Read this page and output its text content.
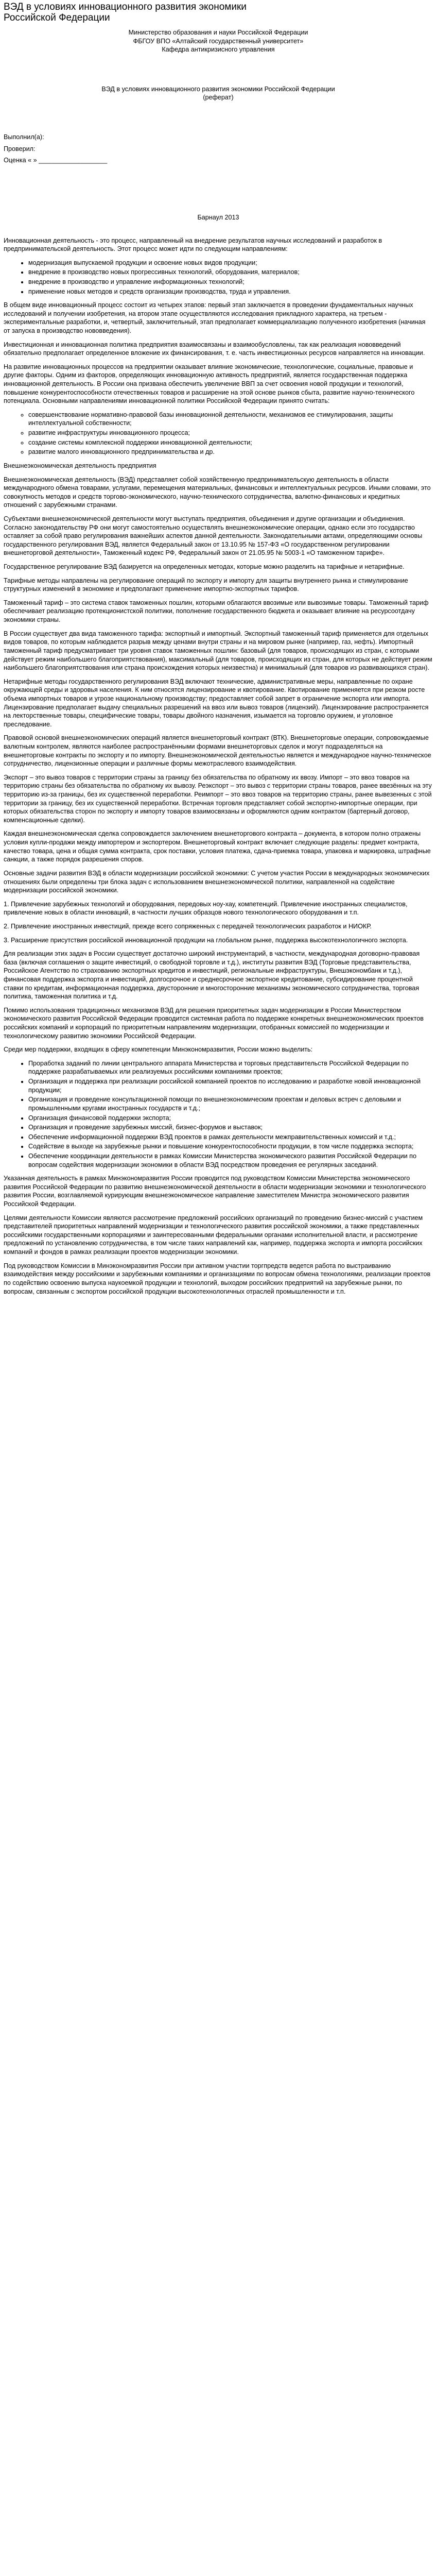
ВЭД в условиях инновационного развития экономики
Российской Федерации

Министерство образования и науки Российской Федерации

ФБГОУ ВПО «Алтайский государственный университет»

Кафедра антикризисного управления

ВЭД в условиях инновационного развития экономики Российской Федерации

(реферат)

Выполнил(а):

Проверил:

Оценка « » ___________________

Барнаул 2013

Инновационная деятельность - это процесс, направленный на внедрение результатов научных исследований и разработок в предпринимательской деятельность. Этот процесс может идти по следующим направлениям:

• модернизация выпускаемой продукции и освоение новых видов продукции;
• внедрение в производство новых прогрессивных технологий, оборудования, материалов;
• внедрение в производство и управление информационных технологий;
• применение новых методов и средств организации производства, труда и управления.

В общем виде инновационный процесс состоит из четырех этапов: первый этап заключается в проведении фундаментальных научных исследований и получении изобретения, на втором этапе осуществляются исследования прикладного характера, на третьем - экспериментальные разработки, и, четвертый, заключительный, этап предполагает коммерциализацию полученного изобретения (начиная от запуска в производство нововведения).

Инвестиционная и инновационная политика предприятия взаимосвязаны и взаимообусловлены, так как реализация нововведений обязательно предполагает определенное вложение их финансирования, т. е. часть инвестиционных ресурсов направляется на инновации.

На развитие инновационных процессов на предприятии оказывает влияние экономические, технологические, социальные, правовые и другие факторы. Одним из факторов, определяющих инновационную активность предприятий, является государственная поддержка инновационной деятельность. В России она призвана обеспечить увеличение ВВП за счет освоения новой продукции и технологий, повышение конкурентоспособности отечественных товаров и расширение на этой основе рынков сбыта, развитие научно-технического потенциала. Основными направлениями инновационной политики Российской Федерации принято считать:

◦ совершенствование нормативно-правовой базы инновационной деятельности, механизмов ее стимулирования, защиты интеллектуальной собственности;
◦ развитие инфраструктуры инновационного процесса;
◦ создание системы комплексной поддержки инновационной деятельности;
◦ развитие малого инновационного предпринимательства и др.

Внешнеэкономическая деятельность предприятия

Внешнеэкономическая деятельность (ВЭД) представляет собой хозяйственную предпринимательскую деятельность в области международного обмена товарами, услугами, перемещения материальных, финансовых и интеллектуальных ресурсов. Иными словами, это совокупность методов и средств торгово-экономического, научно-технического сотрудничества, валютно-финансовых и кредитных отношений с зарубежными странами.

Субъектами внешнеэкономической деятельности могут выступать предприятия, объединения и другие организации и объединения. Согласно законодательству РФ они могут самостоятельно осуществлять внешнеэкономические операции, однако если это государство оставляет за собой право регулирования важнейших аспектов данной деятельности. Законодательными актами, определяющими основы государственного регулирования ВЭД, является Федеральный закон от 13.10.95 № 157-ФЗ «О государственном регулировании внешнеторговой деятельности», Таможенный кодекс РФ, Федеральный закон от 21.05.95 № 5003-1 «О таможенном тарифе».

Государственное регулирование ВЭД базируется на определенных методах, которые можно разделить на тарифные и нетарифные.

Тарифные методы направлены на регулирование операций по экспорту и импорту для защиты внутреннего рынка и стимулирование структурных изменений в экономике и предполагают применение импортно-экспортных тарифов.

Таможенный тариф – это система ставок таможенных пошлин, которыми облагаются ввозимые или вывозимые товары. Таможенный тариф обеспечивает реализацию протекционистской политики, пополнение государственного бюджета и оказывает влияние на ресурсоотдачу экономики страны.

В России существует два вида таможенного тарифа: экспортный и импортный. Экспортный таможенный тариф применяется для отдельных видов товаров, по которым наблюдается разрыв между ценами внутри страны и на мировом рынке (например, газ, нефть). Импортный таможенный тариф предусматривает три уровня ставок таможенных пошлин: базовый (для товаров, происходящих из стран, с которыми действует режим наибольшего благоприятствования), максимальный (для товаров, происходящих из стран, для которых не действует режим наибольшего благоприятствования или страна происхождения которых неизвестна) и минимальный (для товаров из развивающихся стран).

Нетарифные методы государственного регулирования ВЭД включают технические, административные меры, направленные по охране окружающей среды и здоровья населения. К ним относятся лицензирование и квотирование. Квотирование применяется при резком росте объема импортных товаров и угрозе национальному производству; предоставляет собой запрет в ограничение экспорта или импорта. Лицензирование предполагает выдачу специальных разрешений на ввоз или вывоз товаров (лицензий). Лицензирование распространяется на лекторственные товары, специфические товары, товары двойного назначения, изымается на торговлю оружием, и уголовное преследование.

Правовой основой внешнеэкономических операций является внешнеторговый контракт (ВТК). Внешнеторговые операции, сопровождаемые валютным контролем, являются наиболее распространёнными формами внешнеторговых сделок и могут подразделяться на внешнеторговые контракты по экспорту и по импорту. Внешнеэкономической деятельностью является и международное научно-техническое сотрудничество, лицензионные операции и различные формы межотраслевого взаимодействия.

Экспорт – это вывоз товаров с территории страны за границу без обязательства по обратному их ввозу. Импорт – это ввоз товаров на территорию страны без обязательства по обратному их вывозу. Реэкспорт – это вывоз с территории страны товаров, ранее ввезённых на эту территорию из-за границы, без их существенной переработки. Реимпорт – это ввоз товаров на территорию страны, ранее вывезенных с этой территории за границу, без их существенной переработки. Встречная торговля представляет собой экспортно-импортные операции, при которых обязательства сторон по экспорту и импорту товаров взаимосвязаны и оформляются одним контрактом (бартерный договор, компенсационные сделки).

Каждая внешнеэкономическая сделка сопровождается заключением внешнеторгового контракта – документа, в котором полно отражены условия купли-продажи между импортером и экспортером. Внешнеторговый контракт включает следующие разделы: предмет контракта, качество товара, цена и общая сумма контракта, срок поставки, условия платежа, сдача-приемка товара, упаковка и маркировка, штрафные санкции, а также порядок разрешения споров.

Основные задачи развития ВЭД в области модернизации российской экономики: С учетом участия России в международных экономических отношениях были определены три блока задач с использованием внешнеэкономической политики, направленной на содействие модернизации российской экономики.

1. Привлечение зарубежных технологий и оборудования, передовых ноу-хау, компетенций. Привлечение иностранных специалистов, привлечение новых в области инноваций, в частности лучших образцов нового технологического оборудования и т.п.

2. Привлечение иностранных инвестиций, прежде всего сопряженных с передачей технологических разработок и НИОКР.

3. Расширение присутствия российской инновационной продукции на глобальном рынке, поддержка высокотехнологичного экспорта.

Для реализации этих задач в России существует достаточно широкий инструментарий, в частности, международная договорно-правовая база (включая соглашения о защите инвестиций, о свободной торговле и т.д.), институты развития ВЭД (Торговые представительства, Российское Агентство по страхованию экспортных кредитов и инвестиций, региональные инфраструктуры, Внешэкономбанк и т.д.), финансовая поддержка экспорта и инвестиций, долгосрочное и среднесрочное экспортное кредитование, субсидирование процентной ставки по кредитам, информационная поддержка, двусторонние и многосторонние механизмы экономического сотрудничества, торговая политика, таможенная политика и т.д.

Помимо использования традиционных механизмов ВЭД для решения приоритетных задач модернизации в России Министерством экономического развития Российской Федерации проводится системная работа по поддержке конкретных внешнеэкономических проектов российских компаний и корпораций по приоритетным направлениям модернизации, отобранных комиссией по модернизации и технологическому развитию экономики Российской Федерации.

Среди мер поддержки, входящих в сферу компетенции Минэкономразвития, России можно выделить:

• Проработка заданий по линии центрального аппарата Министерства и торговых представительств Российской Федерации по поддержке разрабатываемых или реализуемых российскими компаниями проектов;
• Организация и поддержка при реализации российской компанией проектов по исследованию и разработке новой инновационной продукции;
• Организация и проведение консультационной помощи по внешнеэкономическим проектам и деловых встреч с деловыми и промышленными кругами иностранных государств и т.д.;
• Организация финансовой поддержки экспорта;
• Организация и проведение зарубежных миссий, бизнес-форумов и выставок;
• Обеспечение информационной поддержки ВЭД проектов в рамках деятельности межправительственных комиссий и т.д.;
• Содействие в выходе на зарубежные рынки и повышение конкурентоспособности продукции, в том числе поддержка экспорта;
• Обеспечение координации деятельности в рамках Комиссии Министерства экономического развития Российской Федерации по вопросам содействия модернизации экономики в области ВЭД посредством проведения ее регулярных заседаний.

Указанная деятельность в рамках Минэкономразвития России проводится под руководством Комиссии Министерства экономического развития Российской Федерации по развитию внешнеэкономической деятельности в области модернизации экономики и технологического развития России, возглавляемой курирующим внешнеэкономическое направление заместителем Министра экономического развития Российской Федерации.

Целями деятельности Комиссии являются рассмотрение предложений российских организаций по проведению бизнес-миссий с участием представителей приоритетных направлений модернизации и технологического развития российской экономики, а также представленных российскими государственными корпорациями и заинтересованными федеральными органами исполнительной власти, и рассмотрение предложений по установлению сотрудничества, в том числе таких направлений как, например, поддержка экспорта и импорта российских компаний и фондов в рамках реализации проектов модернизации экономики.

Под руководством Комиссии в Минэкономразвития России при активном участии торгпредств ведется работа по выстраиванию взаимодействия между российскими и зарубежными компаниями и организациями по вопросам обмена технологиями, реализации проектов по содействию освоению выпуска наукоемкой продукции и технологий, выходом российских предприятий на зарубежные рынки, по вопросам, связанным с экспортом российской продукции высокотехнологичных отраслей промышленности и т.п.
